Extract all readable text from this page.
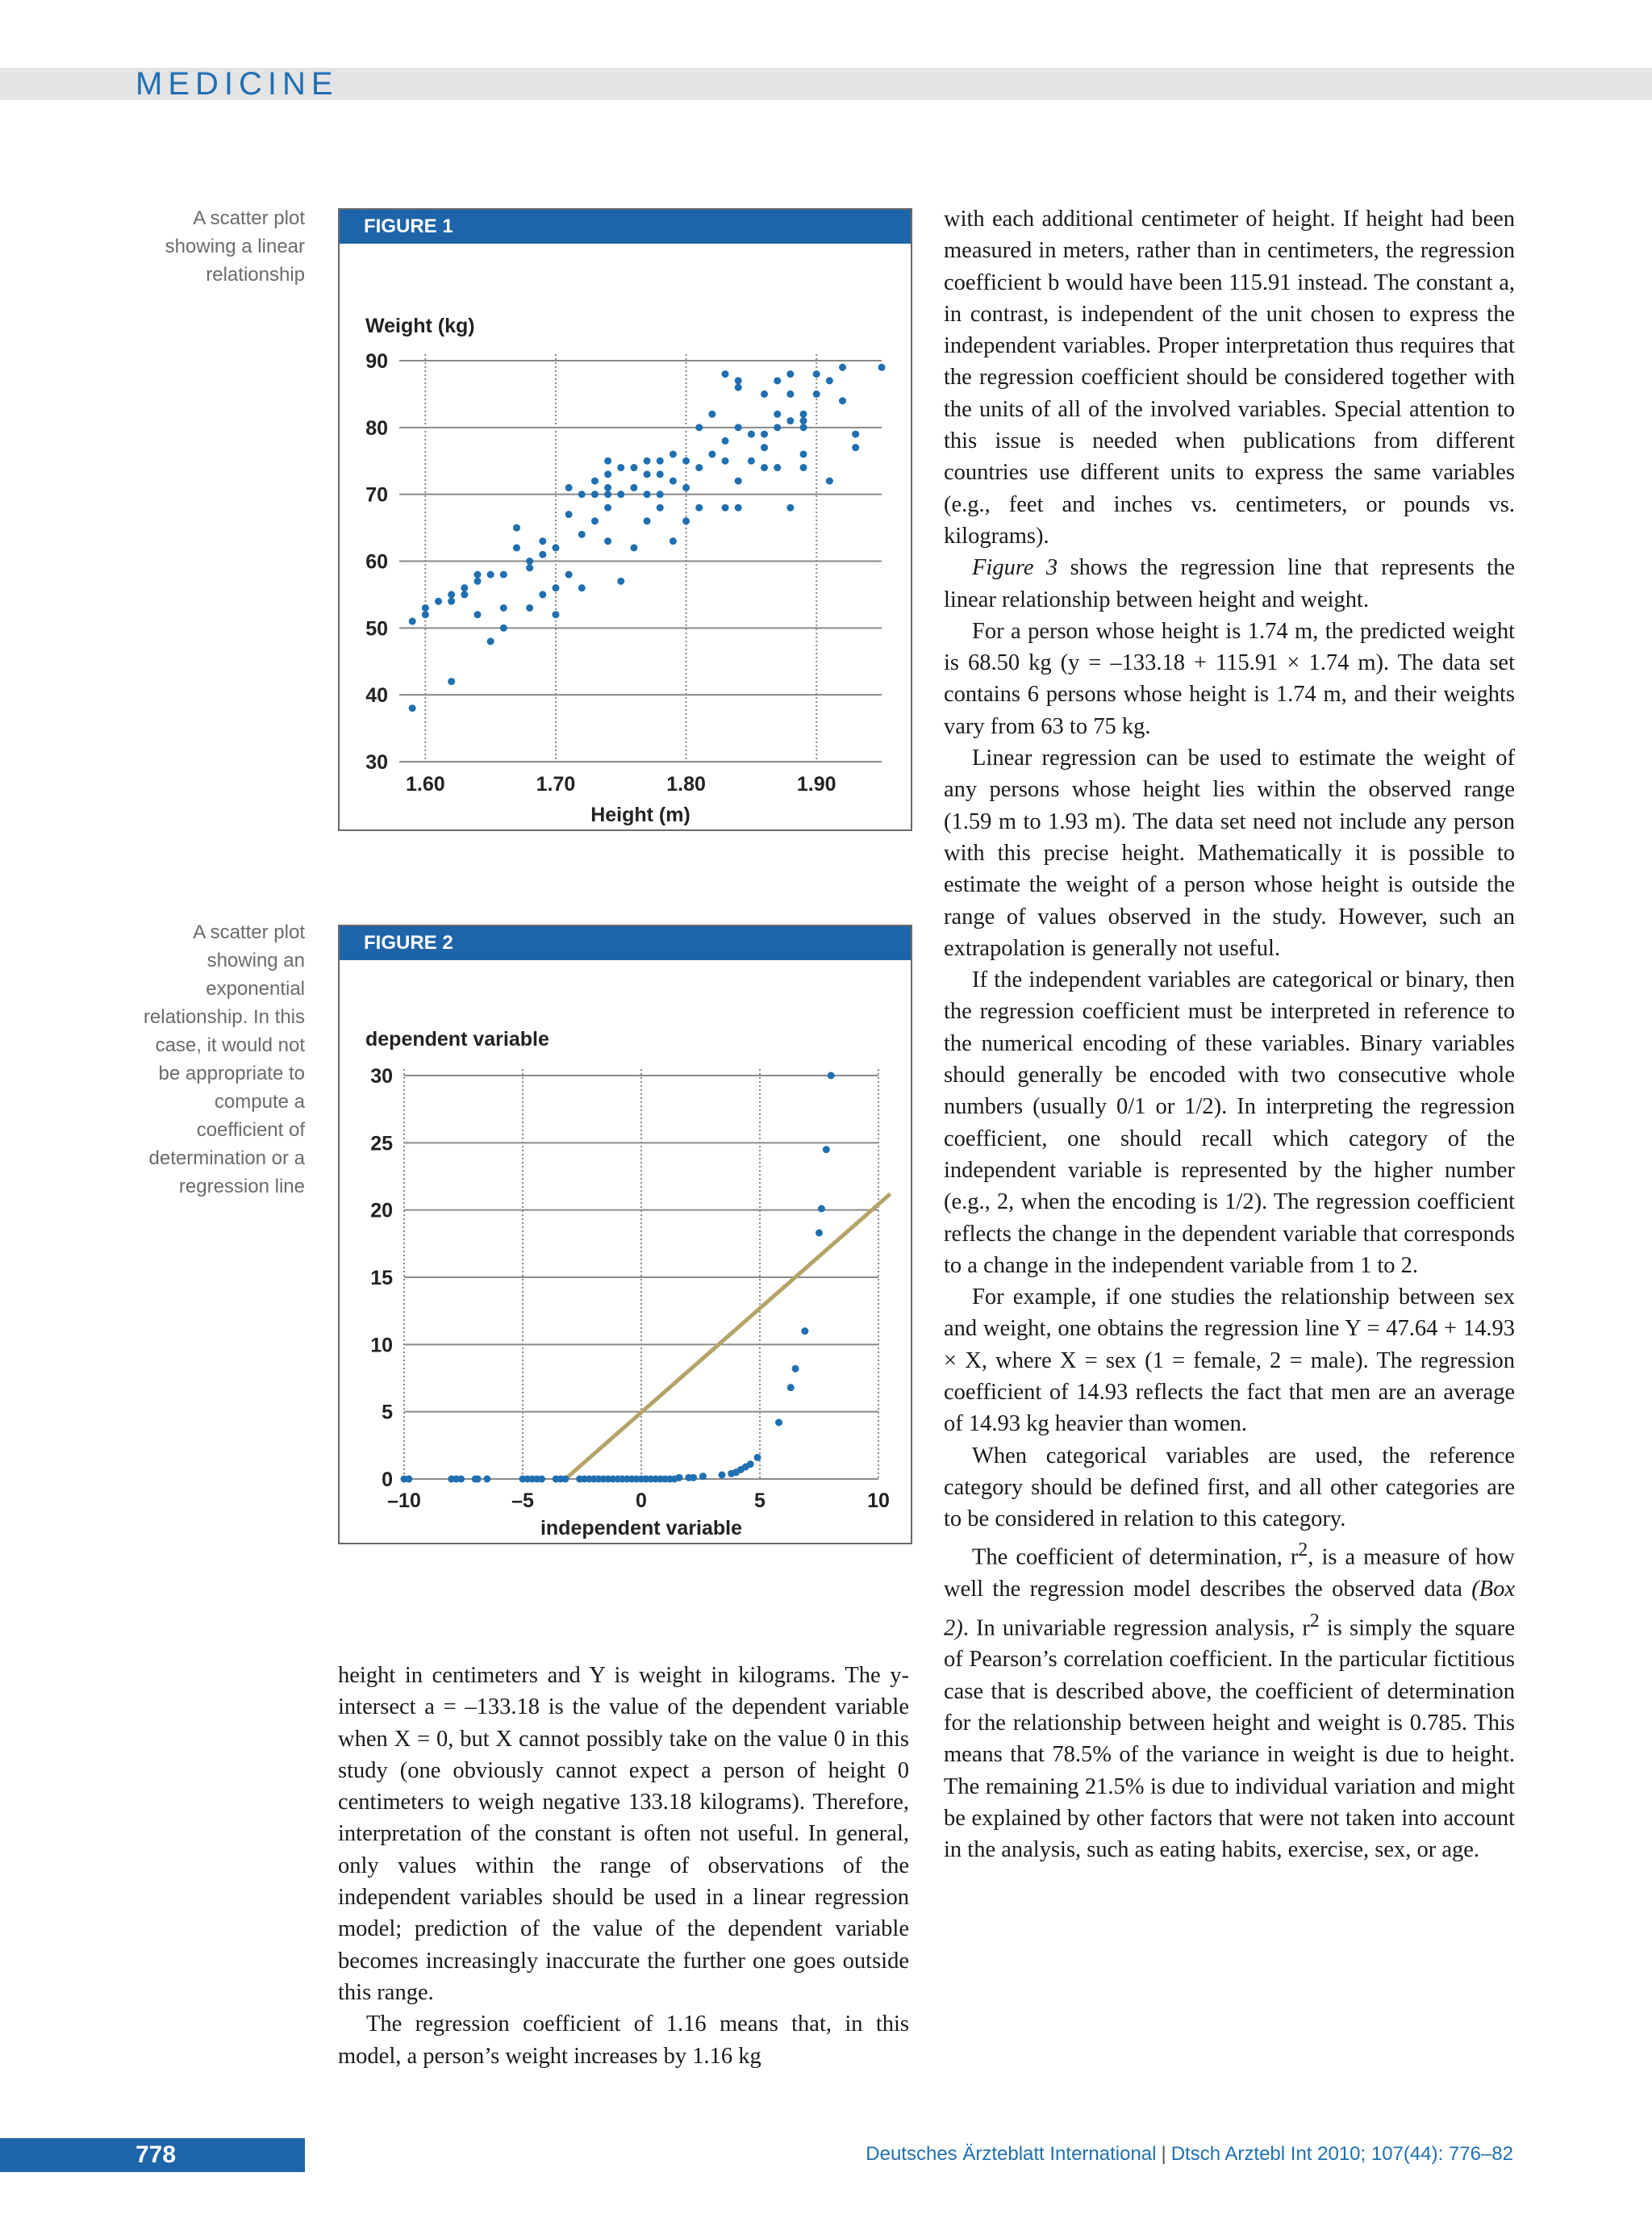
MEDICINE
A scatter plot showing a linear relationship
A scatter plot showing an exponential relationship. In this case, it would not be appropriate to compute a coefficient of determination or a regression line
FIGURE 1
30
40
50
60
70
80
90
1.60	1.70	1.80	1.90
Weight (kg)
Height (m)
FIGURE 2
0
5
10
15
20
25
30
–10	–5	0	5	10
dependent variable
independent variable

height in centimeters and Y is weight in kilograms. The y-intersect a = –133.18 is the value of the dependent variable when X = 0, but X cannot possibly take on the value 0 in this study (one obviously cannot expect a person of height 0 centimeters to weigh negative 133.18 kilograms). Therefore, interpretation of the constant is often not useful. In general, only values within the range of observations of the independent variables should be used in a linear regression model; prediction of the value of the dependent variable becomes increasingly inaccurate the further one goes outside this range.

The regression coefficient of 1.16 means that, in this model, a person’s weight increases by 1.16 kg

with each additional centimeter of height. If height had been measured in meters, rather than in centimeters, the regression coefficient b would have been 115.91 instead. The constant a, in contrast, is independent of the unit chosen to express the independent variables. Proper interpretation thus requires that the regression coefficient should be considered together with the units of all of the involved variables. Special attention to this issue is needed when publications from different countries use different units to express the same variables (e.g., feet and inches vs. centimeters, or pounds vs. kilograms).

Figure 3 shows the regression line that represents the linear relationship between height and weight.

For a person whose height is 1.74 m, the predicted weight is 68.50 kg (y = –133.18 + 115.91 × 1.74 m). The data set contains 6 persons whose height is 1.74 m, and their weights vary from 63 to 75 kg.

Linear regression can be used to estimate the weight of any persons whose height lies within the observed range (1.59 m to 1.93 m). The data set need not include any person with this precise height. Mathematically it is possible to estimate the weight of a person whose height is outside the range of values observed in the study. However, such an extrapolation is generally not useful.

If the independent variables are categorical or binary, then the regression coefficient must be interpreted in reference to the numerical encoding of these variables. Binary variables should generally be encoded with two consecutive whole numbers (usually 0/1 or 1/2). In interpreting the regression coefficient, one should recall which category of the independent variable is represented by the higher number (e.g., 2, when the encoding is 1/2). The regression coefficient reflects the change in the dependent variable that corresponds to a change in the independent variable from 1 to 2.

For example, if one studies the relationship between sex and weight, one obtains the regression line Y = 47.64 + 14.93 × X, where X = sex (1 = female, 2 = male). The regression coefficient of 14.93 reflects the fact that men are an average of 14.93 kg heavier than women.

When categorical variables are used, the reference category should be defined first, and all other categories are to be considered in relation to this category.

The coefficient of determination, $r^2$, is a measure of how well the regression model describes the observed data (Box 2). In univariable regression analysis, $r^2$ is simply the square of Pearson’s correlation coefficient. In the particular fictitious case that is described above, the coefficient of determination for the relationship between height and weight is 0.785. This means that 78.5% of the variance in weight is due to height. The remaining 21.5% is due to individual variation and might be explained by other factors that were not taken into account in the analysis, such as eating habits, exercise, sex, or age.

778	Deutsches Ärzteblatt International | Dtsch Arztebl Int 2010; 107(44): 776–82
